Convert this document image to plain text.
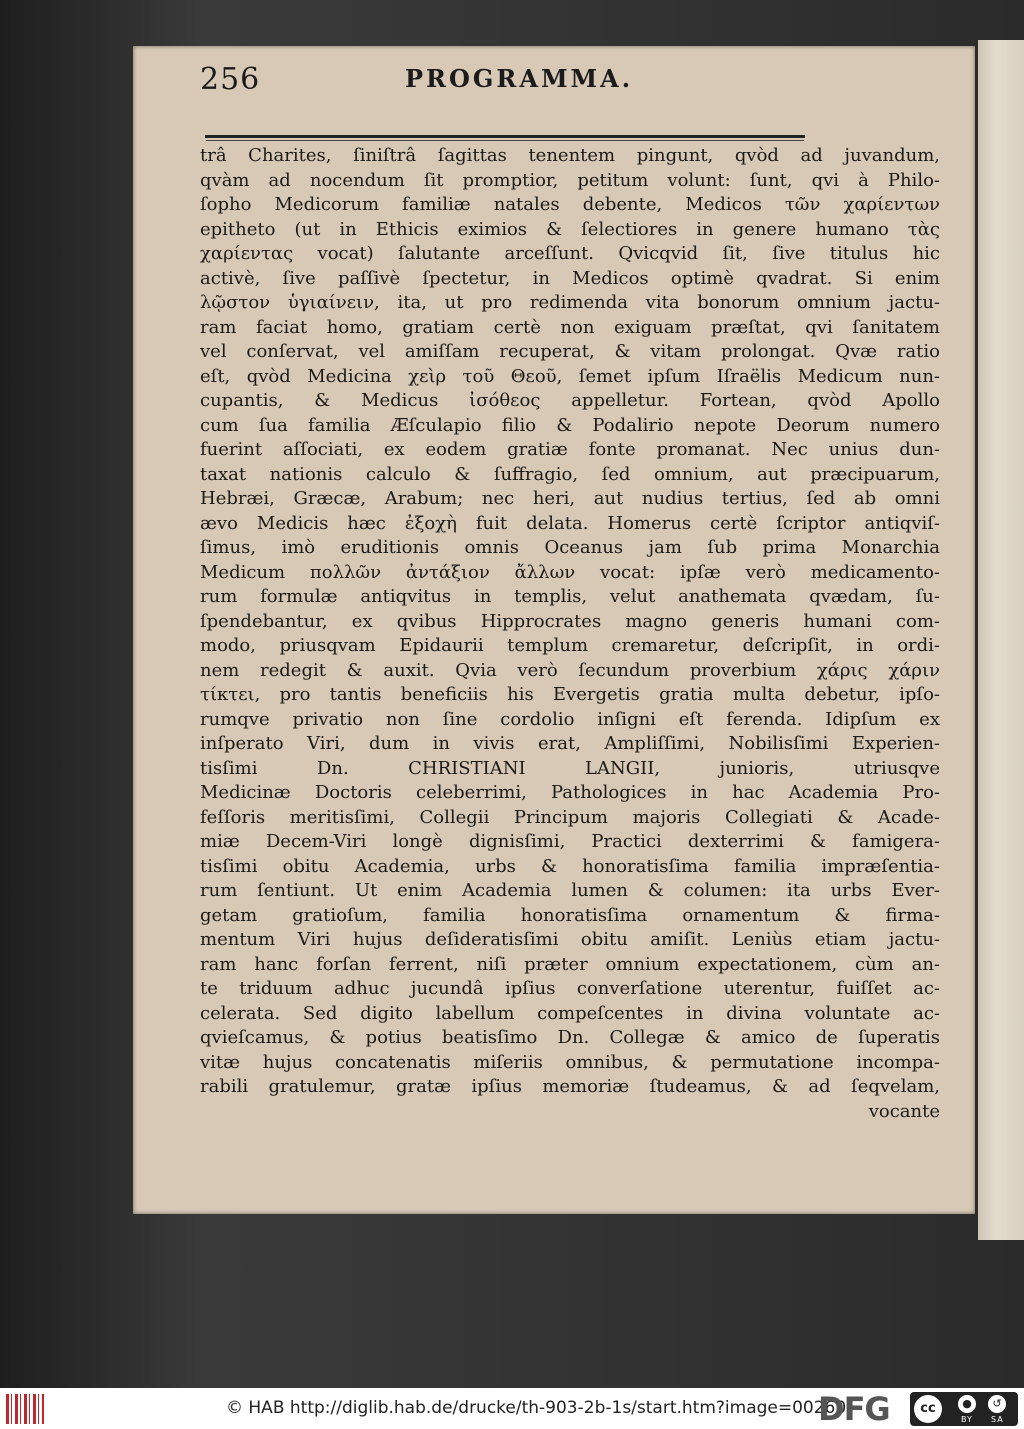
256	PROGRAMMA.
trâ Charites, ſiniſtrâ ſagittas tenentem pingunt, qvòd ad juvandum,
qvàm ad nocendum ſit promptior, petitum volunt: ſunt, qvi à Philo-
ſopho Medicorum familiæ natales debente, Medicos τῶν χαρίεντων
epitheto (ut in Ethicis eximios & ſelectiores in genere humano τὰς
χαρίεντας vocat) ſalutante arceſſunt. Qvicqvid ſit, ſive titulus hic
activè, ſive paſſivè ſpectetur, in Medicos optimè qvadrat. Si enim
λῷστον ὑγιαίνειν, ita, ut pro redimenda vita bonorum omnium jactu-
ram faciat homo, gratiam certè non exiguam præſtat, qvi ſanitatem
vel conſervat, vel amiſſam recuperat, & vitam prolongat. Qvæ ratio
eſt, qvòd Medicina χεὶρ τοῦ Θεοῦ, ſemet ipſum Iſraëlis Medicum nun-
cupantis, & Medicus ἰσόθεος appelletur. Fortean, qvòd Apollo
cum ſua familia Æſculapio filio & Podalirio nepote Deorum numero
fuerint aſſociati, ex eodem gratiæ fonte promanat. Nec unius dun-
taxat nationis calculo & ſuffragio, ſed omnium, aut præcipuarum,
Hebræi, Græcæ, Arabum; nec heri, aut nudius tertius, ſed ab omni
ævo Medicis hæc ἐξοχὴ fuit delata. Homerus certè ſcriptor antiqviſ-
ſimus, imò eruditionis omnis Oceanus jam ſub prima Monarchia
Medicum πολλῶν ἀντάξιον ἄλλων vocat: ipſæ verò medicamento-
rum formulæ antiqvitus in templis, velut anathemata qvædam, ſu-
ſpendebantur, ex qvibus Hipprocrates magno generis humani com-
modo, priusqvam Epidaurii templum cremaretur, deſcripſit, in ordi-
nem redegit & auxit. Qvia verò ſecundum proverbium χάρις χάριν
τίκτει, pro tantis beneficiis his Evergetis gratia multa debetur, ipſo-
rumqve privatio non ſine cordolio inſigni eſt ferenda. Idipſum ex
inſperato Viri, dum in vivis erat, Ampliſſimi, Nobilisſimi Experien-
tisſimi Dn. CHRISTIANI LANGII, junioris, utriusqve
Medicinæ Doctoris celeberrimi, Pathologices in hac Academia Pro-
feſſoris meritisſimi, Collegii Principum majoris Collegiati & Acade-
miæ Decem-Viri longè dignisſimi, Practici dexterrimi & famigera-
tisſimi obitu Academia, urbs & honoratisſima familia impræſentia-
rum ſentiunt. Ut enim Academia lumen & columen: ita urbs Ever-
getam gratioſum, familia honoratisſima ornamentum & firma-
mentum Viri hujus deſideratisſimi obitu amiſit. Leniùs etiam jactu-
ram hanc forſan ferrent, niſi præter omnium expectationem, cùm an-
te triduum adhuc jucundâ ipſius converſatione uterentur, fuiſſet ac-
celerata. Sed digito labellum compeſcentes in divina voluntate ac-
qvieſcamus, & potius beatisſimo Dn. Collegæ & amico de ſuperatis
vitæ hujus concatenatis miſeriis omnibus, & permutatione incompa-
rabili gratulemur, gratæ ipſius memoriæ ſtudeamus, & ad ſeqvelam,
vocante
© HAB http://diglib.hab.de/drucke/th-903-2b-1s/start.htm?image=00260
DFG	cc	●	↺
BY SA
